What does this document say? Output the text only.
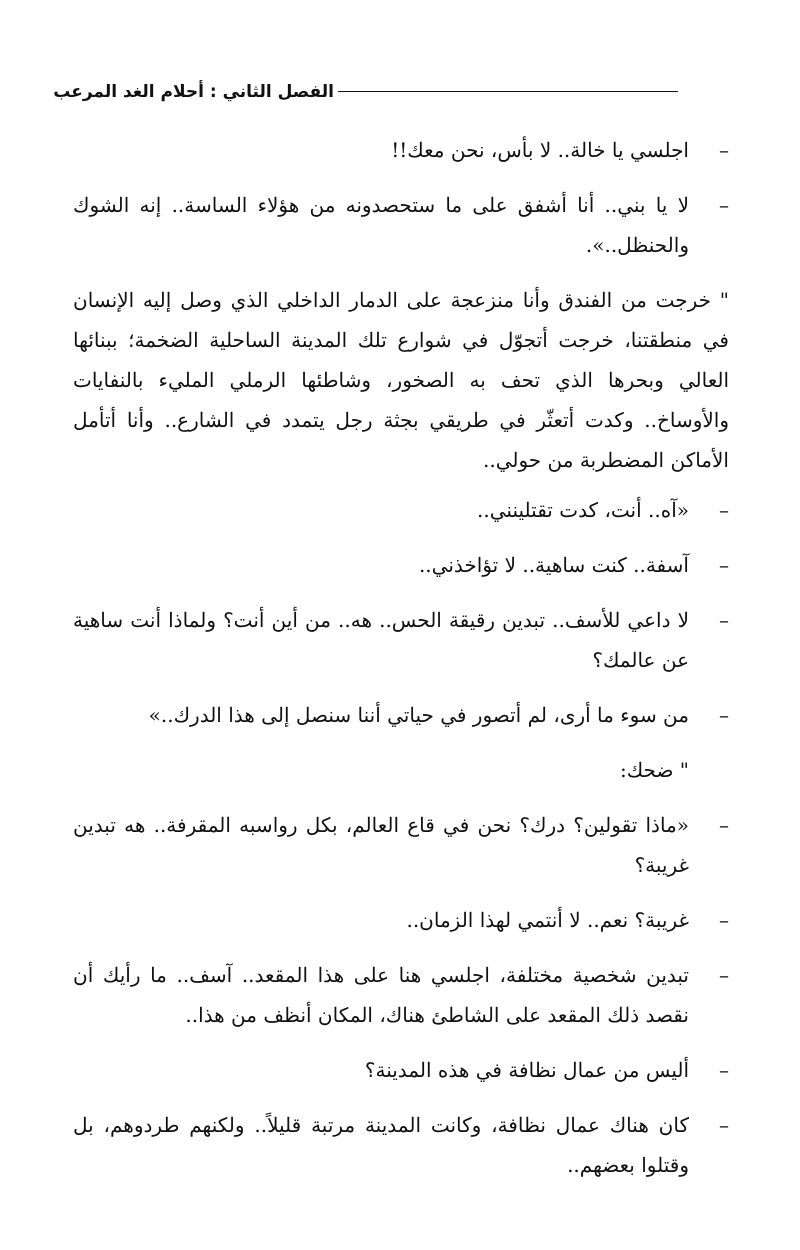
الفصل الثاني : أحلام الغد المرعب
–
اجلسي يا خالة.. لا بأس، نحن معك!!
–
لا يا بني.. أنا أشفق على ما ستحصدونه من هؤلاء الساسة.. إنه الشوك والحنظل..».
" خرجت من الفندق وأنا منزعجة على الدمار الداخلي الذي وصل إليه الإنسان في منطقتنا، خرجت أتجوّل في شوارع تلك المدينة الساحلية الضخمة؛ ببنائها العالي وبحرها الذي تحف به الصخور، وشاطئها الرملي المليء بالنفايات والأوساخ.. وكدت أتعثّر في طريقي بجثة رجل يتمدد في الشارع.. وأنا أتأمل الأماكن المضطربة من حولي..
–
«آه.. أنت، كدت تقتلينني..
–
آسفة.. كنت ساهية.. لا تؤاخذني..
–
لا داعي للأسف.. تبدين رقيقة الحس.. هه.. من أين أنت؟ ولماذا أنت ساهية عن عالمك؟
–
من سوء ما أرى، لم أتصور في حياتي أننا سنصل إلى هذا الدرك..»
" ضحك:
–
«ماذا تقولين؟ درك؟ نحن في قاع العالم، بكل رواسبه المقرفة.. هه تبدين غريبة؟
–
غريبة؟ نعم.. لا أنتمي لهذا الزمان..
–
تبدين شخصية مختلفة، اجلسي هنا على هذا المقعد.. آسف.. ما رأيك أن نقصد ذلك المقعد على الشاطئ هناك، المكان أنظف من هذا..
–
أليس من عمال نظافة في هذه المدينة؟
–
كان هناك عمال نظافة، وكانت المدينة مرتبة قليلاً.. ولكنهم طردوهم، بل وقتلوا بعضهم..
